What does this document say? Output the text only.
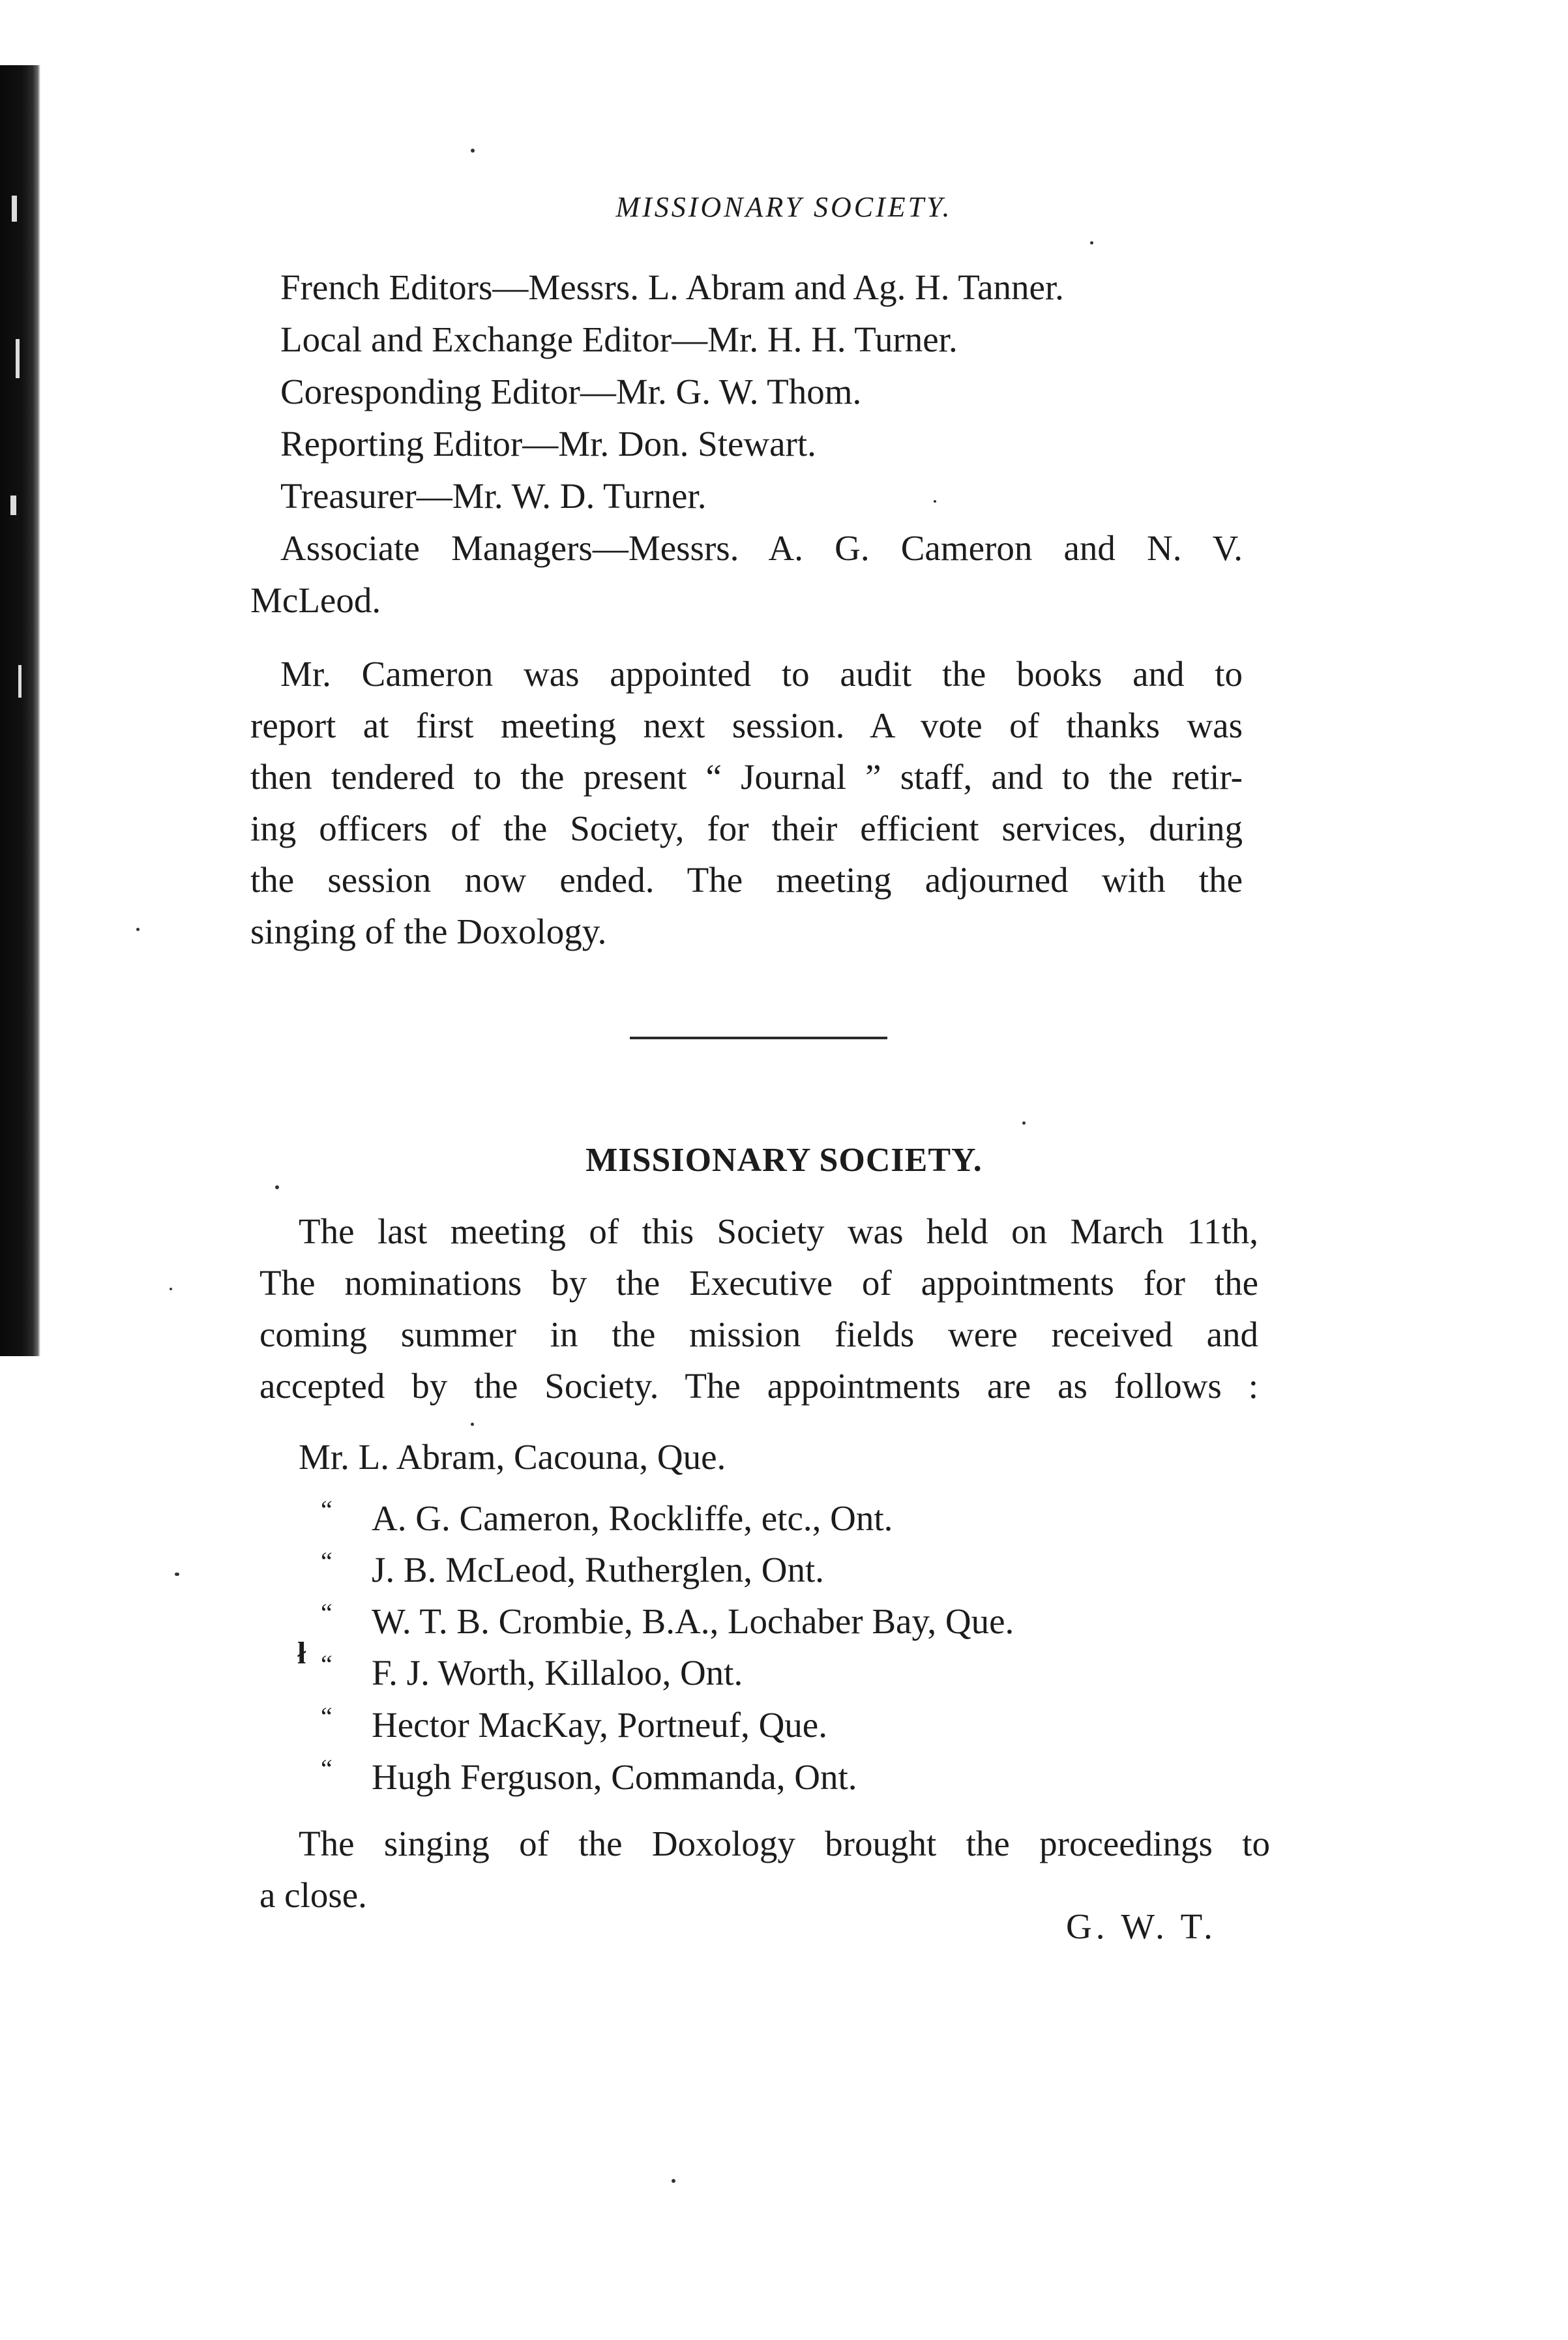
MISSIONARY SOCIETY.
French Editors—Messrs. L. Abram and Ag. H. Tanner.
Local and Exchange Editor—Mr. H. H. Turner.
Coresponding Editor—Mr. G. W. Thom.
Reporting Editor—Mr. Don. Stewart.
Treasurer—Mr. W. D. Turner.
Associate Managers—Messrs. A. G. Cameron and N. V.
McLeod.
Mr. Cameron was appointed to audit the books and to
report at first meeting next session. A vote of thanks was
then tendered to the present “ Journal ” staff, and to the retir-
ing officers of the Society, for their efficient services, during
the session now ended. The meeting adjourned with the
singing of the Doxology.
MISSIONARY SOCIETY.
The last meeting of this Society was held on March 11th,
The nominations by the Executive of appointments for the
coming summer in the mission fields were received and
accepted by the Society. The appointments are as follows :
Mr. L. Abram, Cacouna, Que.
“ A. G. Cameron, Rockliffe, etc., Ont.
“ J. B. McLeod, Rutherglen, Ont.
“ W. T. B. Crombie, B.A., Lochaber Bay, Que.
“ F. J. Worth, Killaloo, Ont.
“ Hector MacKay, Portneuf, Que.
“ Hugh Ferguson, Commanda, Ont.
The singing of the Doxology brought the proceedings to
a close.
G. W. T.
ł
